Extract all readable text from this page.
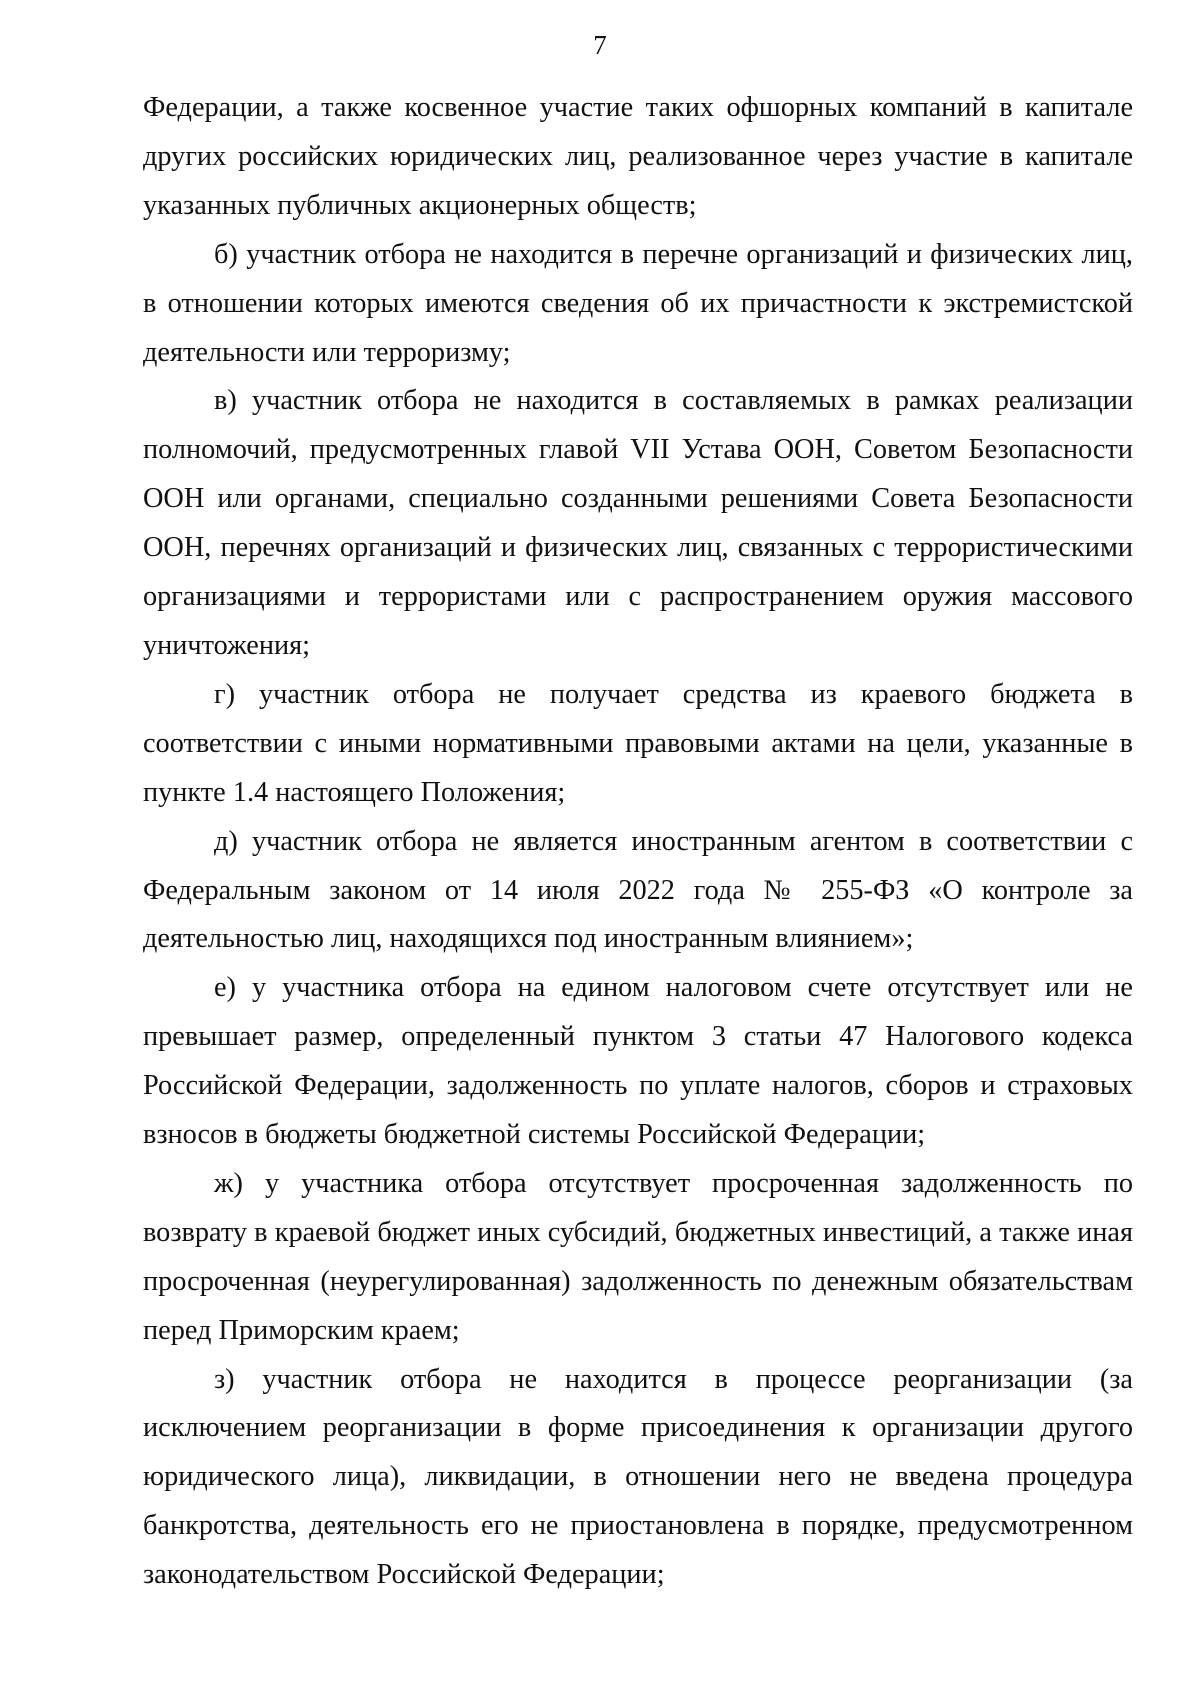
7

Федерации, а также косвенное участие таких офшорных компаний в капитале других российских юридических лиц, реализованное через участие в капитале указанных публичных акционерных обществ;

б) участник отбора не находится в перечне организаций и физических лиц, в отношении которых имеются сведения об их причастности к экстремистской деятельности или терроризму;

в) участник отбора не находится в составляемых в рамках реализации полномочий, предусмотренных главой VII Устава ООН, Советом Безопасности ООН или органами, специально созданными решениями Совета Безопасности ООН, перечнях организаций и физических лиц, связанных с террористическими организациями и террористами или с распространением оружия массового уничтожения;

г) участник отбора не получает средства из краевого бюджета в соответствии с иными нормативными правовыми актами на цели, указанные в пункте 1.4 настоящего Положения;

д) участник отбора не является иностранным агентом в соответствии с Федеральным законом от 14 июля 2022 года № 255-ФЗ «О контроле за деятельностью лиц, находящихся под иностранным влиянием»;

е) у участника отбора на едином налоговом счете отсутствует или не превышает размер, определенный пунктом 3 статьи 47 Налогового кодекса Российской Федерации, задолженность по уплате налогов, сборов и страховых взносов в бюджеты бюджетной системы Российской Федерации;

ж) у участника отбора отсутствует просроченная задолженность по возврату в краевой бюджет иных субсидий, бюджетных инвестиций, а также иная просроченная (неурегулированная) задолженность по денежным обязательствам перед Приморским краем;

з) участник отбора не находится в процессе реорганизации (за исключением реорганизации в форме присоединения к организации другого юридического лица), ликвидации, в отношении него не введена процедура банкротства, деятельность его не приостановлена в порядке, предусмотренном законодательством Российской Федерации;
